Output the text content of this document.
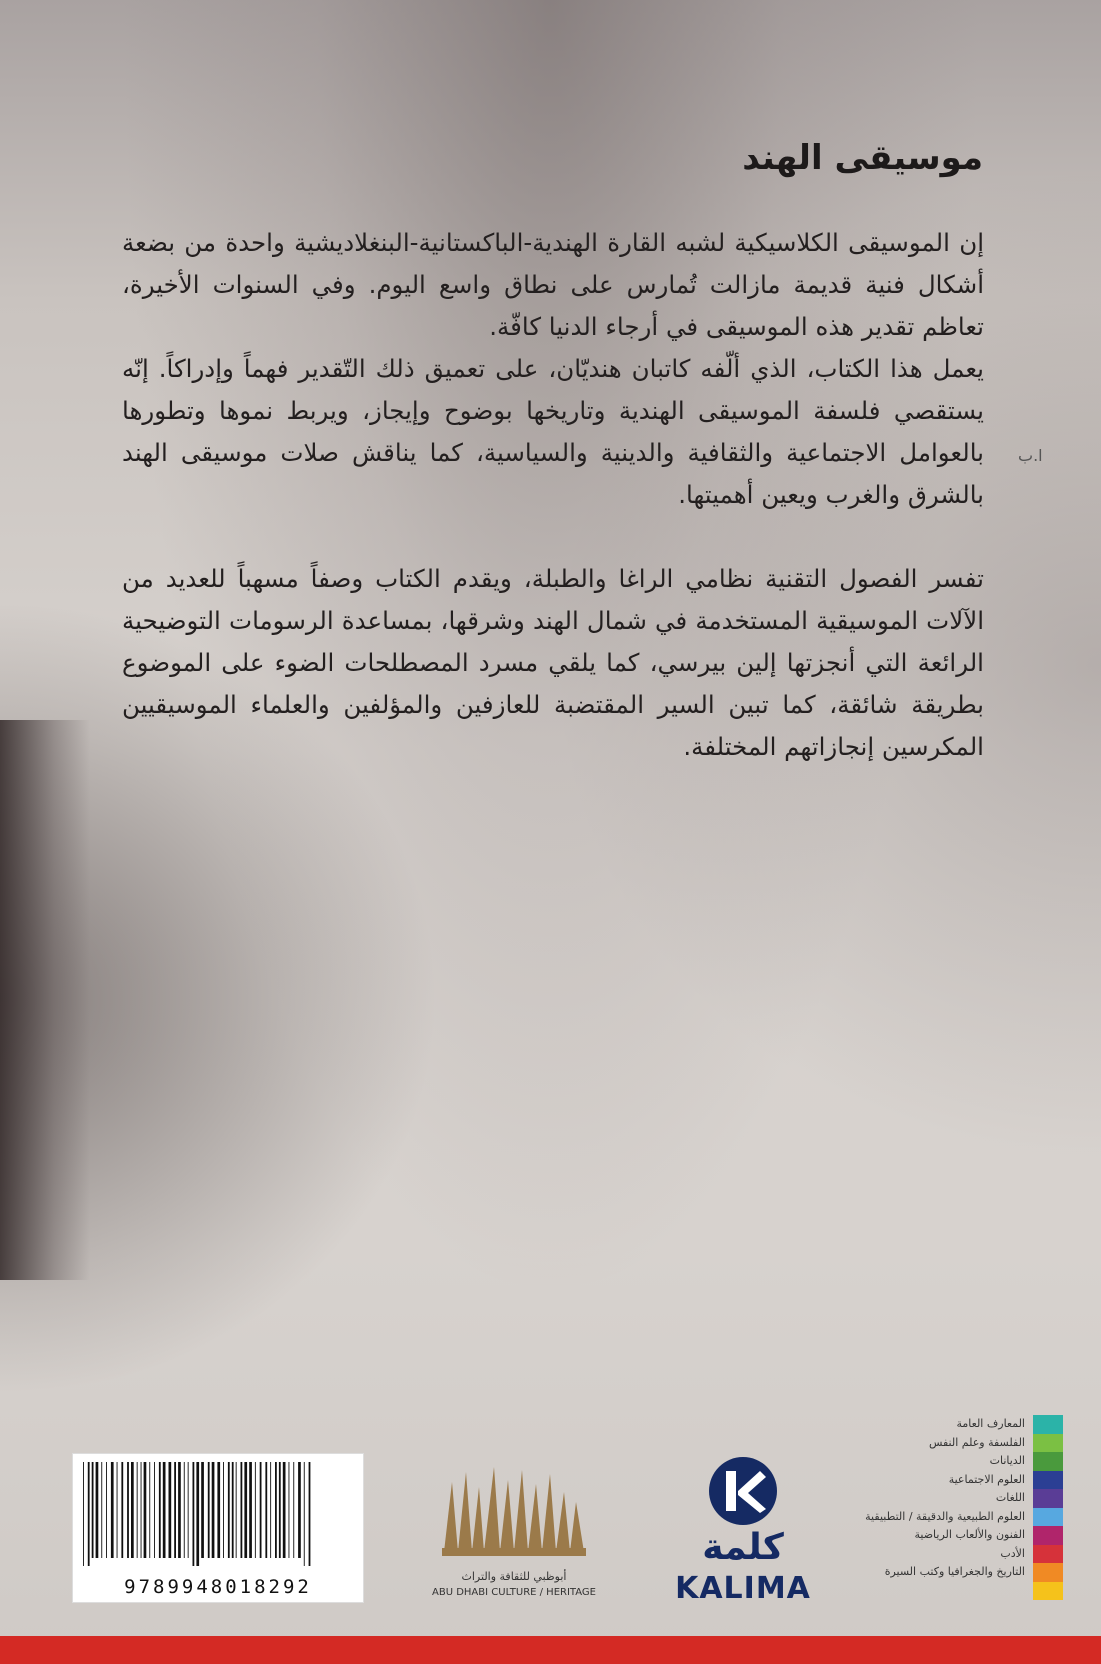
موسيقى الهند

إن الموسيقى الكلاسيكية لشبه القارة الهندية-الباكستانية-البنغلاديشية واحدة من بضعة أشكال فنية قديمة مازالت تُمارس على نطاق واسع اليوم. وفي السنوات الأخيرة، تعاظم تقدير هذه الموسيقى في أرجاء الدنيا كافّة.

يعمل هذا الكتاب، الذي ألّفه كاتبان هنديّان، على تعميق ذلك التّقدير فهماً وإدراكاً. إنّه يستقصي فلسفة الموسيقى الهندية وتاريخها بوضوح وإيجاز، ويربط نموها وتطورها بالعوامل الاجتماعية والثقافية والدينية والسياسية، كما يناقش صلات موسيقى الهند بالشرق والغرب ويعين أهميتها.

تفسر الفصول التقنية نظامي الراغا والطبلة، ويقدم الكتاب وصفاً مسهباً للعديد من الآلات الموسيقية المستخدمة في شمال الهند وشرقها، بمساعدة الرسومات التوضيحية الرائعة التي أنجزتها إلين بيرسي، كما يلقي مسرد المصطلحات الضوء على الموضوع بطريقة شائقة، كما تبين السير المقتضبة للعازفين والمؤلفين والعلماء الموسيقيين المكرسين إنجازاتهم المختلفة.

ا.ب
9789948018292	أبوظبي للثقافة والتراث
ABU DHABI CULTURE / HERITAGE
كلمة
KALIMA
المعارف العامة
الفلسفة وعلم النفس
الديانات
العلوم الاجتماعية
اللغات
العلوم الطبيعية والدقيقة / التطبيقية
الفنون والألعاب الرياضية
الأدب
التاريخ والجغرافيا وكتب السيرة
